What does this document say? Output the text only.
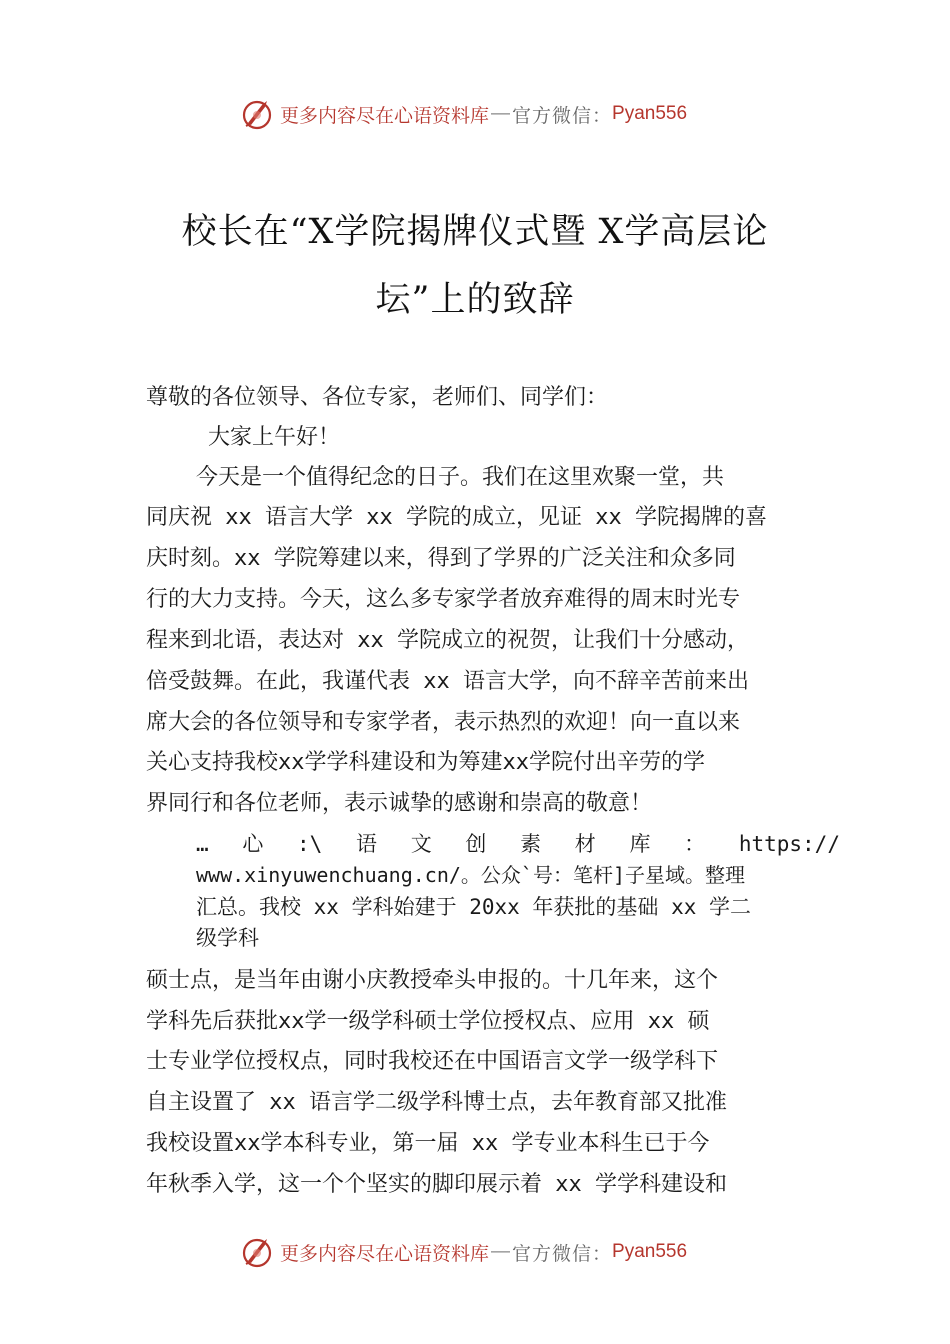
更多内容尽在心语资料库 — 官方微信： Pyan556
校长在“X学院揭牌仪式暨 X学高层论
坛”上的致辞
尊敬的各位领导、各位专家，老师们、同学们：
大家上午好！
今天是一个值得纪念的日子。我们在这里欢聚一堂，共
同庆祝 xx 语言大学 xx 学院的成立，见证 xx 学院揭牌的喜
庆时刻。xx 学院筹建以来，得到了学界的广泛关注和众多同
行的大力支持。今天，这么多专家学者放弃难得的周末时光专
程来到北语，表达对 xx 学院成立的祝贺，让我们十分感动，
倍受鼓舞。在此，我谨代表 xx 语言大学，向不辞辛苦前来出
席大会的各位领导和专家学者，表示热烈的欢迎！向一直以来
关心支持我校xx学学科建设和为筹建xx学院付出辛劳的学
界同行和各位老师，表示诚挚的感谢和崇高的敬意！
… 心 :\ 语 文 创 素 材 库 ： https://
www.xinyuwenchuang.cn/。公众`号：笔杆]子星域。整理
汇总。我校 xx 学科始建于 20xx 年获批的基础 xx 学二
级学科
硕士点，是当年由谢小庆教授牵头申报的。十几年来，这个
学科先后获批xx学一级学科硕士学位授权点、应用 xx 硕
士专业学位授权点，同时我校还在中国语言文学一级学科下
自主设置了 xx 语言学二级学科博士点，去年教育部又批准
我校设置xx学本科专业，第一届 xx 学专业本科生已于今
年秋季入学，这一个个坚实的脚印展示着 xx 学学科建设和
更多内容尽在心语资料库 — 官方微信： Pyan556
